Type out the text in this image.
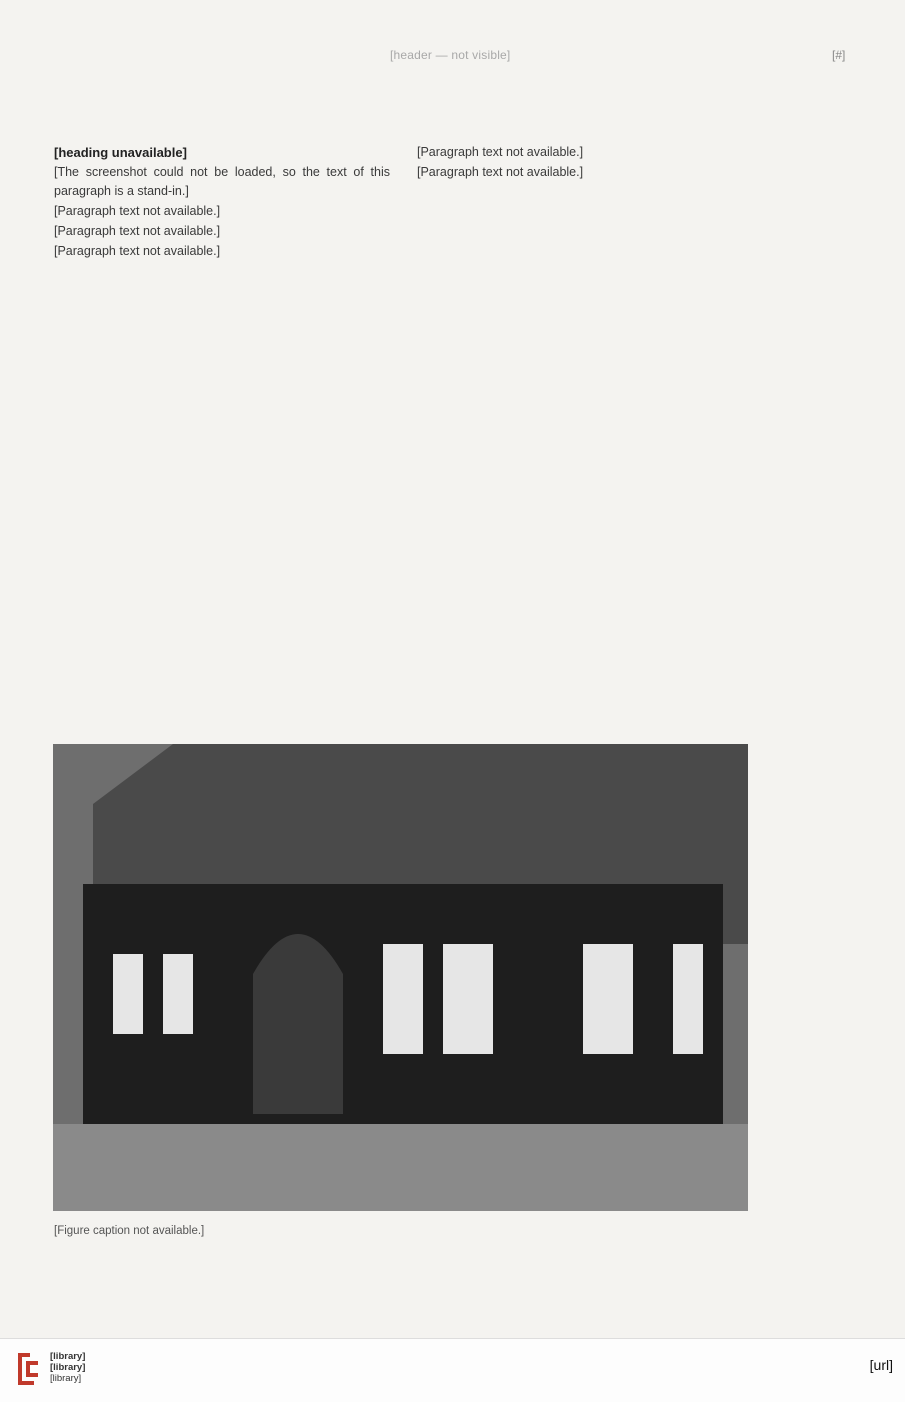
[header — not visible]	[#]

[heading unavailable]

[The screenshot could not be loaded, so the text of this paragraph is a stand-in.]

[Paragraph text not available.]

[Paragraph text not available.]

[Paragraph text not available.]

[Paragraph text not available.]

[Paragraph text not available.]

[Figure caption not available.]
[library]
[library]
[library]
[url]
